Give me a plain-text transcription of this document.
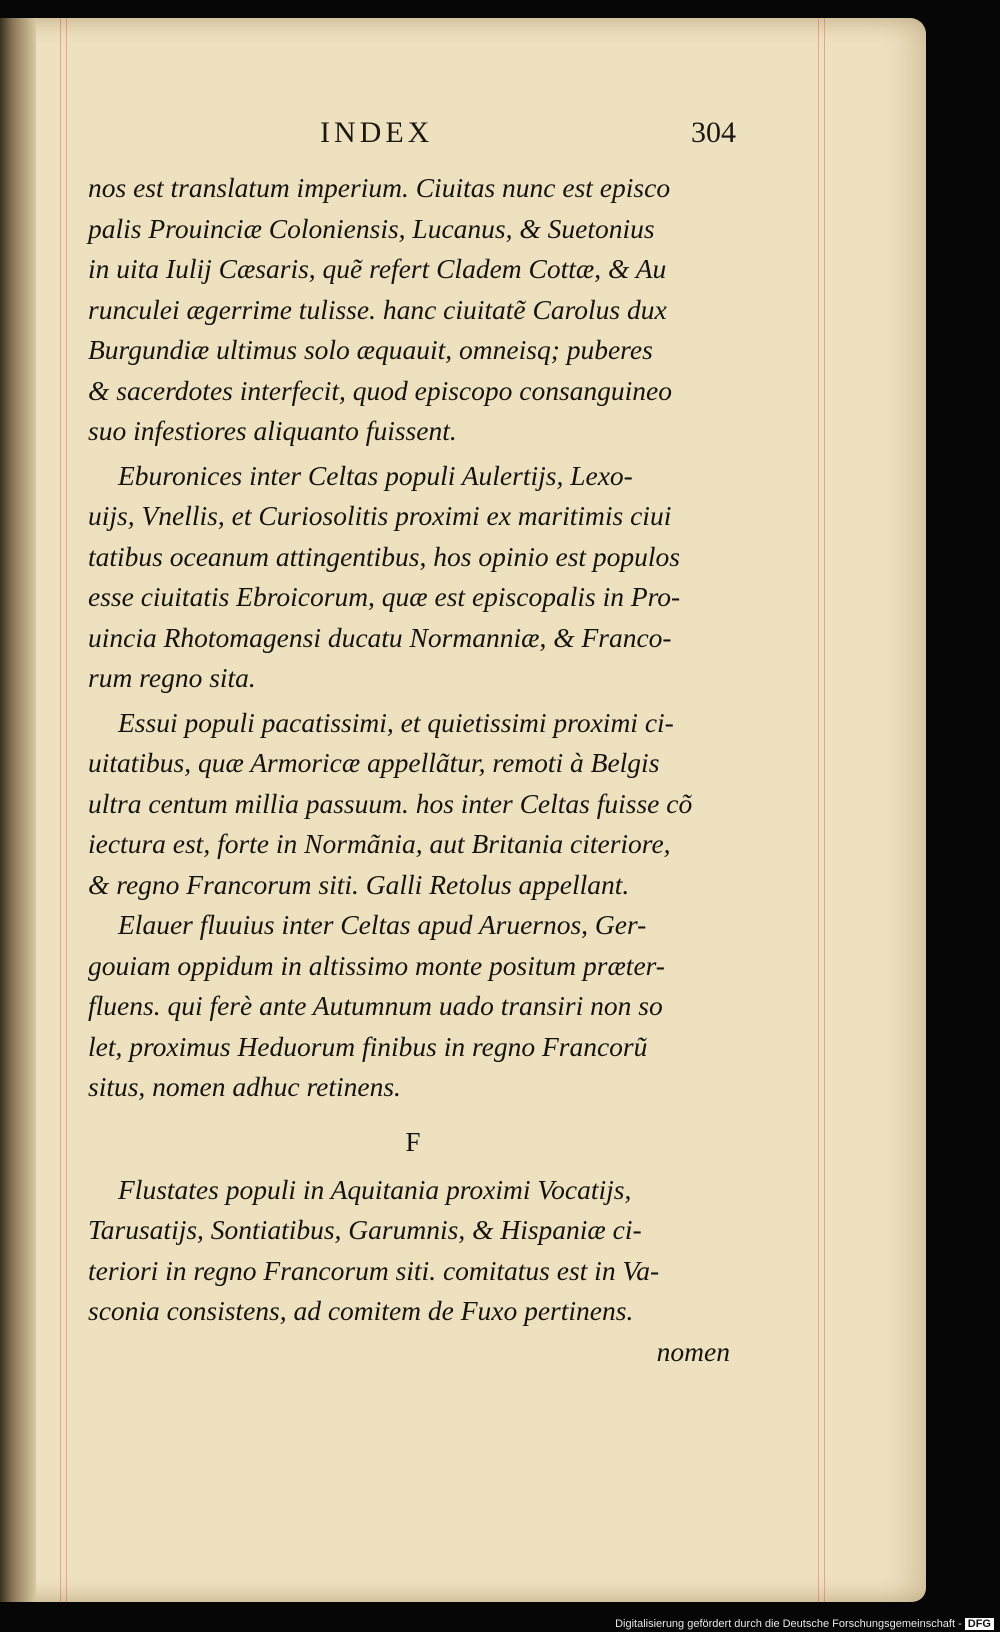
INDEX	304
nos est translatum imperium. Ciuitas nunc est episco
palis Prouinciæ Coloniensis, Lucanus, & Suetonius
in uita Iulij Cæsaris, quẽ refert Cladem Cottæ, & Au
runculei ægerrime tulisse. hanc ciuitatẽ Carolus dux
Burgundiæ ultimus solo æquauit, omneisq; puberes
& sacerdotes interfecit, quod episcopo consanguineo
suo infestiores aliquanto fuissent.
Eburonices inter Celtas populi Aulertijs, Lexo-
uijs, Vnellis, et Curiosolitis proximi ex maritimis ciui
tatibus oceanum attingentibus, hos opinio est populos
esse ciuitatis Ebroicorum, quæ est episcopalis in Pro-
uincia Rhotomagensi ducatu Normanniæ, & Franco-
rum regno sita.
Essui populi pacatissimi, et quietissimi proximi ci-
uitatibus, quæ Armoricæ appellãtur, remoti à Belgis
ultra centum millia passuum. hos inter Celtas fuisse cõ
iectura est, forte in Normãnia, aut Britania citeriore,
& regno Francorum siti. Galli Retolus appellant.
Elauer fluuius inter Celtas apud Aruernos, Ger-
gouiam oppidum in altissimo monte positum præter-
fluens. qui ferè ante Autumnum uado transiri non so
let, proximus Heduorum finibus in regno Francorũ
situs, nomen adhuc retinens.
F
Flustates populi in Aquitania proximi Vocatijs,
Tarusatijs, Sontiatibus, Garumnis, & Hispaniæ ci-
teriori in regno Francorum siti. comitatus est in Va-
sconia consistens, ad comitem de Fuxo pertinens.
nomen
Digitalisierung gefördert durch die Deutsche Forschungsgemeinschaft - DFG
